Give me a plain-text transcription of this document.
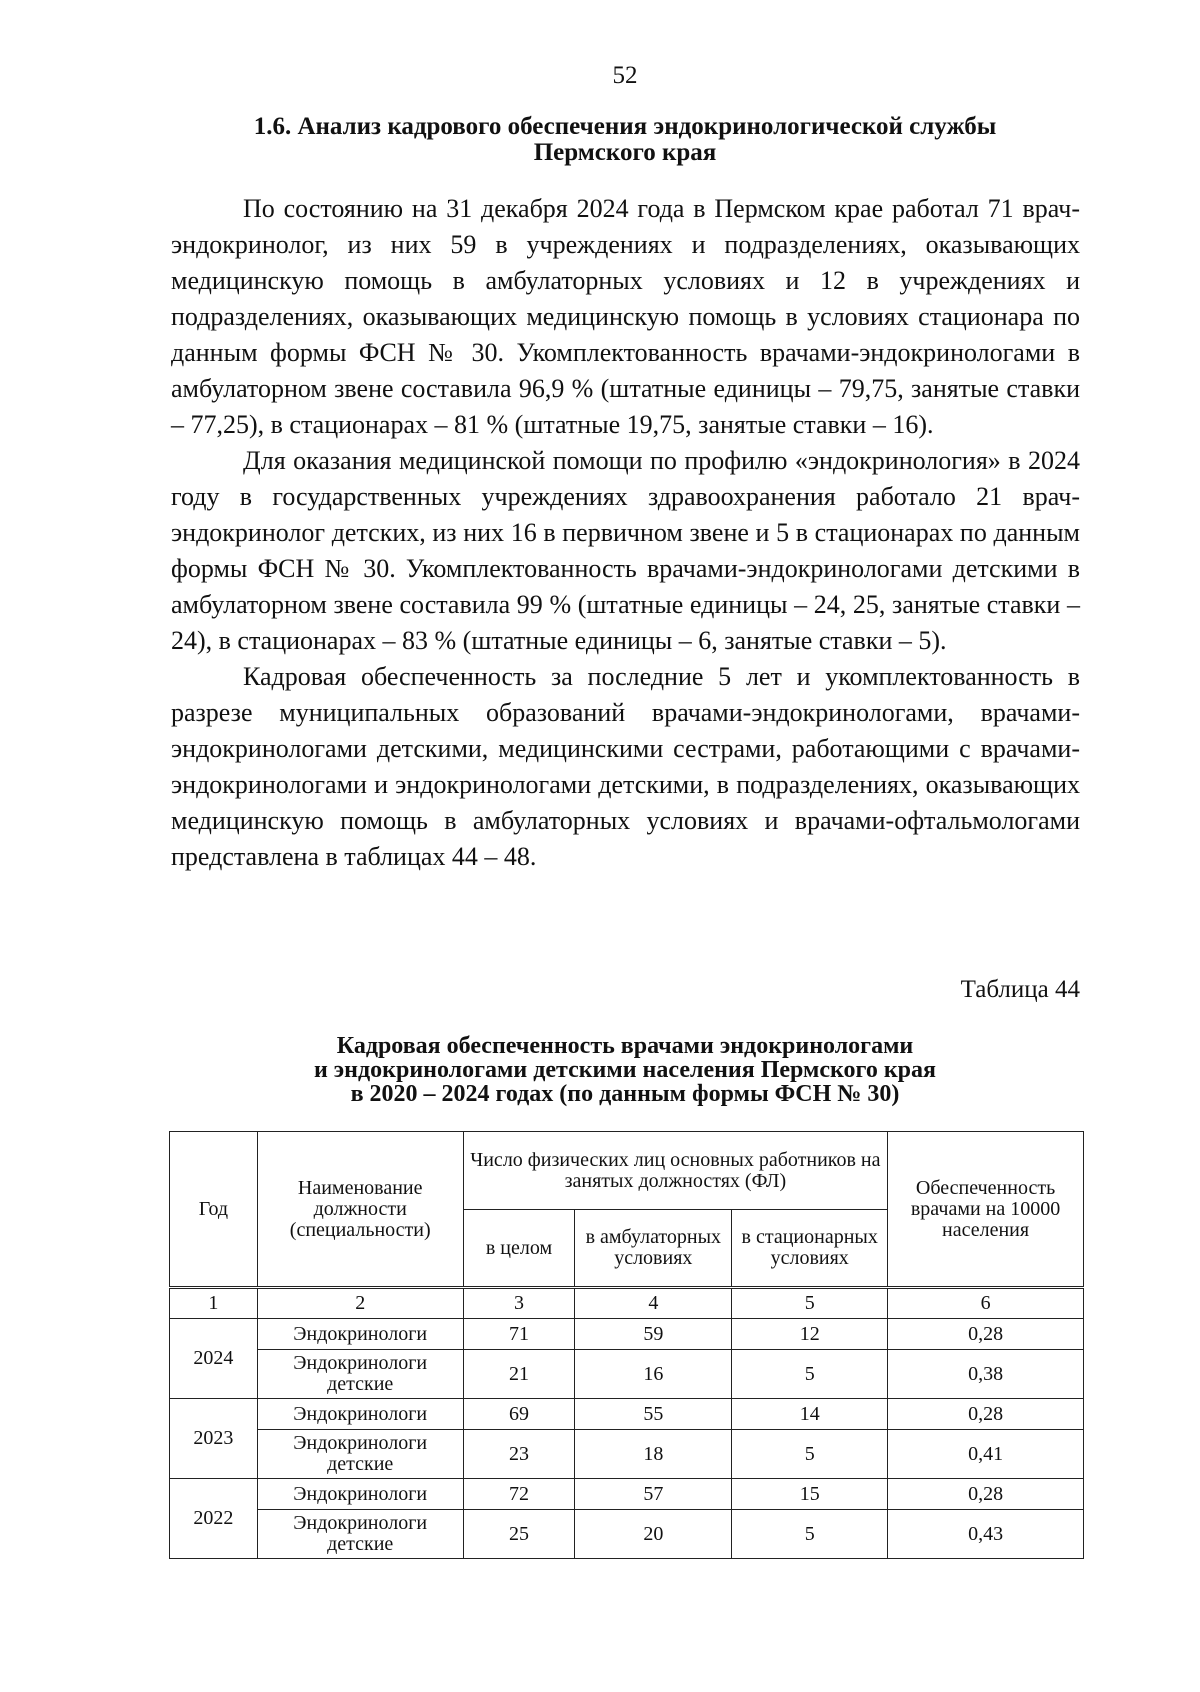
52
1.6. Анализ кадрового обеспечения эндокринологической службы
Пермского края

По состоянию на 31 декабря 2024 года в Пермском крае работал 71 врач-эндокринолог, из них 59 в учреждениях и подразделениях, оказывающих медицинскую помощь в амбулаторных условиях и 12 в учреждениях и подразделениях, оказывающих медицинскую помощь в условиях стационара по данным формы ФСН № 30. Укомплектованность врачами-эндокринологами в амбулаторном звене составила 96,9 % (штатные единицы – 79,75, занятые ставки – 77,25), в стационарах – 81 % (штатные 19,75, занятые ставки – 16).

Для оказания медицинской помощи по профилю «эндокринология» в 2024 году в государственных учреждениях здравоохранения работало 21 врач-эндокринолог детских, из них 16 в первичном звене и 5 в стационарах по данным формы ФСН № 30. Укомплектованность врачами-эндокринологами детскими в амбулаторном звене составила 99 % (штатные единицы – 24, 25, занятые ставки – 24), в стационарах – 83 % (штатные единицы – 6, занятые ставки – 5).

Кадровая обеспеченность за последние 5 лет и укомплектованность в разрезе муниципальных образований врачами-эндокринологами, врачами-эндокринологами детскими, медицинскими сестрами, работающими с врачами-эндокринологами и эндокринологами детскими, в подразделениях, оказывающих медицинскую помощь в амбулаторных условиях и врачами-офтальмологами представлена в таблицах 44 – 48.

Таблица 44
Кадровая обеспеченность врачами эндокринологами
и эндокринологами детскими населения Пермского края
в 2020 – 2024 годах (по данным формы ФСН № 30)
Год	Наименование должности (специальности)	Число физических лиц основных работников на занятых должностях (ФЛ)			Обеспеченность врачами на 10000 населения
		в целом	в амбулаторных условиях	в стационарных условиях	
1	2	3	4	5	6
2024	Эндокринологи	71	59	12	0,28
	Эндокринологи детские	21	16	5	0,38
2023	Эндокринологи	69	55	14	0,28
	Эндокринологи детские	23	18	5	0,41
2022	Эндокринологи	72	57	15	0,28
	Эндокринологи детские	25	20	5	0,43
